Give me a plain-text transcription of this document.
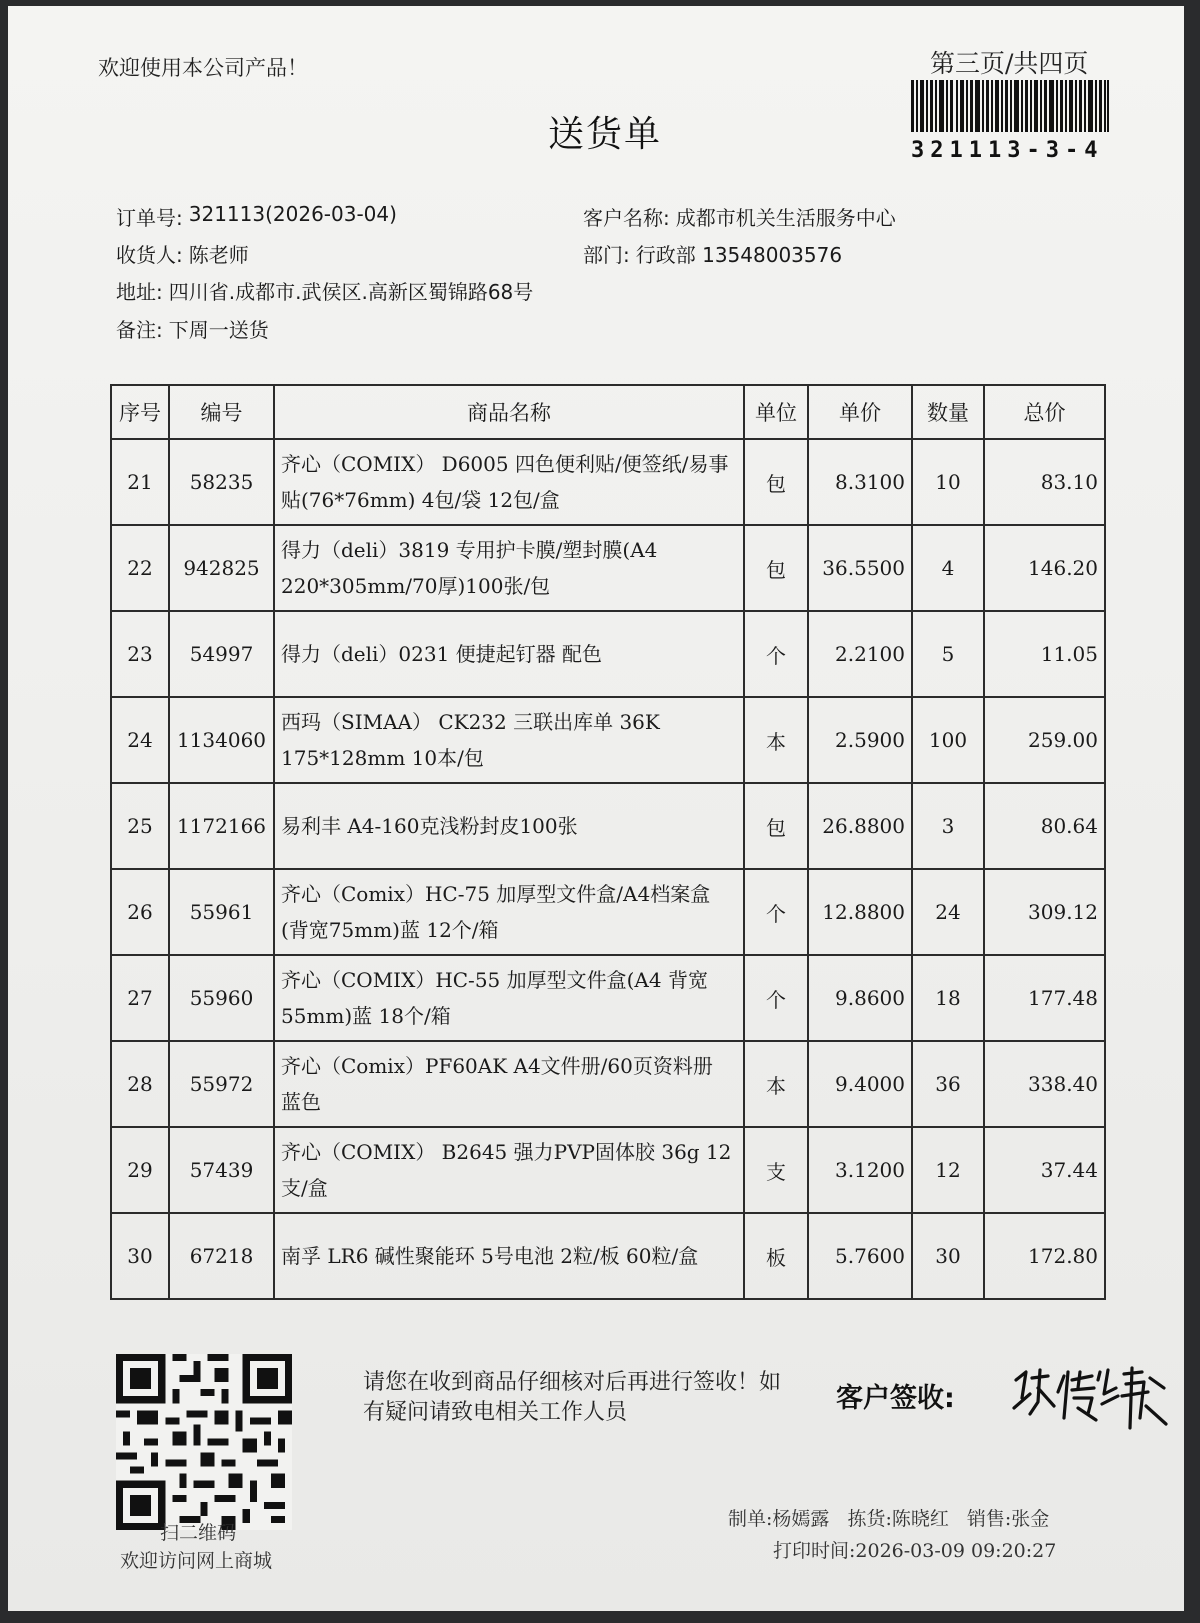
欢迎使用本公司产品！	第三页/共四页
送货单	321113-3-4
订单号: 321113(2026-03-04)	客户名称: 成都市机关生活服务中心
收货人: 陈老师	部门: 行政部 13548003576
地址: 四川省.成都市.武侯区.高新区蜀锦路68号
备注: 下周一送货
序号	编号	商品名称	单位	单价	数量	总价
21	58235	齐心（COMIX） D6005 四色便利贴/便签纸/易事贴(76*76mm) 4包/袋 12包/盒	包	8.3100	10	83.10
22	942825	得力（deli）3819 专用护卡膜/塑封膜(A4 220*305mm/70厚)100张/包	包	36.5500	4	146.20
23	54997	得力（deli）0231 便捷起钉器 配色	个	2.2100	5	11.05
24	1134060	西玛（SIMAA） CK232 三联出库单 36K 175*128mm 10本/包	本	2.5900	100	259.00
25	1172166	易利丰 A4-160克浅粉封皮100张	包	26.8800	3	80.64
26	55961	齐心（Comix）HC-75 加厚型文件盒/A4档案盒(背宽75mm)蓝 12个/箱	个	12.8800	24	309.12
27	55960	齐心（COMIX）HC-55 加厚型文件盒(A4 背宽55mm)蓝 18个/箱	个	9.8600	18	177.48
28	55972	齐心（Comix）PF60AK A4文件册/60页资料册 蓝色	本	9.4000	36	338.40
29	57439	齐心（COMIX） B2645 强力PVP固体胶 36g 12支/盒	支	3.1200	12	37.44
30	67218	南孚 LR6 碱性聚能环 5号电池 2粒/板 60粒/盒	板	5.7600	30	172.80
扫二维码
欢迎访问网上商城
请您在收到商品仔细核对后再进行签收！如有疑问请致电相关工作人员	客户签收:
制单:杨嫣露 拣货:陈晓红 销售:张金
打印时间:2026-03-09 09:20:27
